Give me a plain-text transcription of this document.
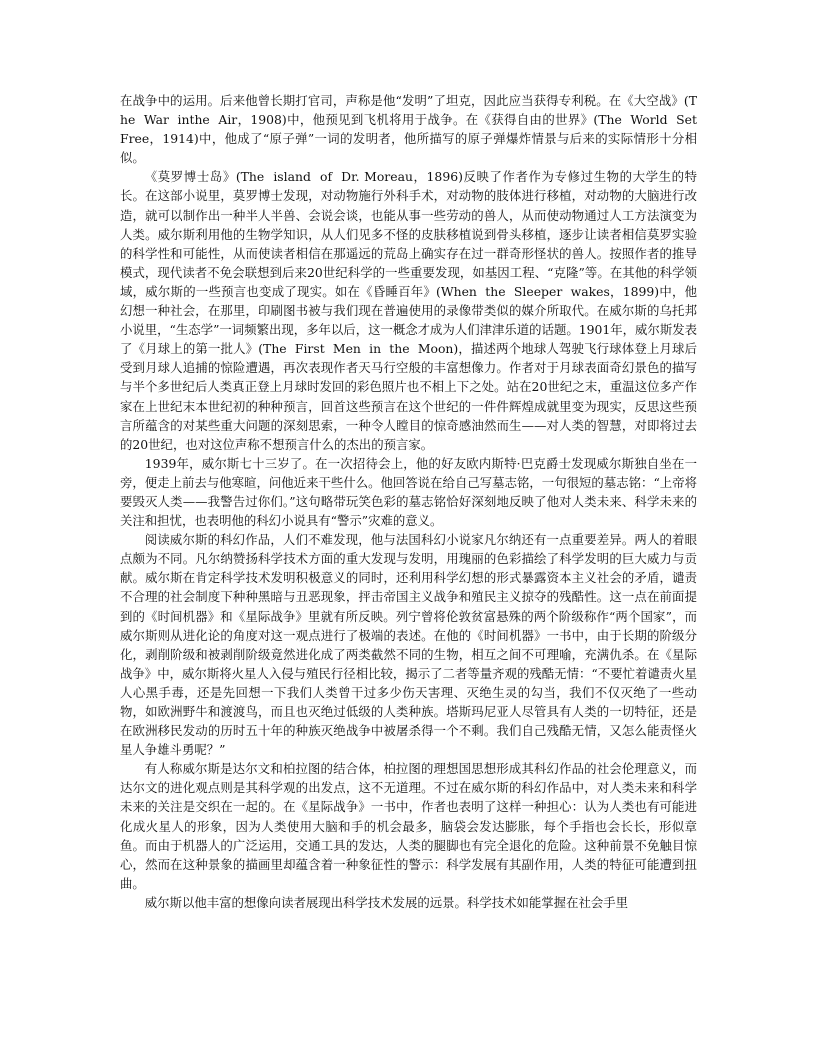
在战争中的运用。后来他曾长期打官司，声称是他“发明”了坦克，因此应当获得专利税。在《大空战》(The  War  inthe  Air，1908)中，他预见到飞机将用于战争。在《获得自由的世界》(The  World  Set  Free，1914)中，他成了“原子弹”一词的发明者，他所描写的原子弹爆炸情景与后来的实际情形十分相似。

《莫罗博士岛》(The  island  of  Dr. Moreau，1896)反映了作者作为专修过生物的大学生的特长。在这部小说里，莫罗博士发现，对动物施行外科手术，对动物的肢体进行移植，对动物的大脑进行改造，就可以制作出一种半人半兽、会说会谈，也能从事一些劳动的兽人，从而使动物通过人工方法演变为人类。威尔斯利用他的生物学知识，从人们见多不怪的皮肤移植说到骨头移植，逐步让读者相信莫罗实验的科学性和可能性，从而使读者相信在那遥远的荒岛上确实存在过一群奇形怪状的兽人。按照作者的推导模式，现代读者不免会联想到后来20世纪科学的一些重要发现，如基因工程、“克隆”等。在其他的科学领域，威尔斯的一些预言也变成了现实。如在《昏睡百年》(When  the  Sleeper  wakes，1899)中，他幻想一种社会，在那里，印刷图书被与我们现在普遍使用的录像带类似的媒介所取代。在威尔斯的乌托邦小说里，“生态学”一词频繁出现，多年以后，这一概念才成为人们津津乐道的话题。1901年，威尔斯发表了《月球上的第一批人》(The  First  Men  in  the  Moon)，描述两个地球人驾驶飞行球体登上月球后受到月球人追捕的惊险遭遇，再次表现作者天马行空般的丰富想像力。作者对于月球表面奇幻景色的描写与半个多世纪后人类真正登上月球时发回的彩色照片也不相上下之处。站在20世纪之末，重温这位多产作家在上世纪末本世纪初的种种预言，回首这些预言在这个世纪的一件件辉煌成就里变为现实，反思这些预言所蕴含的对某些重大问题的深刻思索，一种令人瞠目的惊奇感油然而生——对人类的智慧，对即将过去的20世纪，也对这位声称不想预言什么的杰出的预言家。

1939年，威尔斯七十三岁了。在一次招待会上，他的好友欧内斯特·巴克爵士发现威尔斯独自坐在一旁，便走上前去与他寒暄，问他近来干些什么。他回答说在给自己写墓志铭，一句很短的墓志铭：“上帝将要毁灭人类——我警告过你们。”这句略带玩笑色彩的墓志铭恰好深刻地反映了他对人类未来、科学未来的关注和担忧，也表明他的科幻小说具有“警示”灾难的意义。

阅读威尔斯的科幻作品，人们不难发现，他与法国科幻小说家凡尔纳还有一点重要差异。两人的着眼点颇为不同。凡尔纳赞扬科学技术方面的重大发现与发明，用瑰丽的色彩描绘了科学发明的巨大威力与贡献。威尔斯在肯定科学技术发明积极意义的同时，还利用科学幻想的形式暴露资本主义社会的矛盾，谴责不合理的社会制度下种种黑暗与丑恶现象，抨击帝国主义战争和殖民主义掠夺的残酷性。这一点在前面提到的《时间机器》和《星际战争》里就有所反映。列宁曾将伦敦贫富悬殊的两个阶级称作“两个国家”，而威尔斯则从进化论的角度对这一观点进行了极端的表述。在他的《时间机器》一书中，由于长期的阶级分化，剥削阶级和被剥削阶级竟然进化成了两类截然不同的生物，相互之间不可理喻，充满仇杀。在《星际战争》中，威尔斯将火星人入侵与殖民行径相比较，揭示了二者等量齐观的残酷无情：“不要忙着谴责火星人心黑手毒，还是先回想一下我们人类曾干过多少伤天害理、灭绝生灵的勾当，我们不仅灭绝了一些动物，如欧洲野牛和渡渡鸟，而且也灭绝过低级的人类种族。塔斯玛尼亚人尽管具有人类的一切特征，还是在欧洲移民发动的历时五十年的种族灭绝战争中被屠杀得一个不剩。我们自己残酷无情，又怎么能责怪火星人争雄斗勇呢？”

有人称威尔斯是达尔文和柏拉图的结合体，柏拉图的理想国思想形成其科幻作品的社会伦理意义，而达尔文的进化观点则是其科学观的出发点，这不无道理。不过在威尔斯的科幻作品中，对人类未来和科学未来的关注是交织在一起的。在《星际战争》一书中，作者也表明了这样一种担心：认为人类也有可能进化成火星人的形象，因为人类使用大脑和手的机会最多，脑袋会发达膨胀，每个手指也会长长，形似章鱼。而由于机器人的广泛运用，交通工具的发达，人类的腿脚也有完全退化的危险。这种前景不免触目惊心，然而在这种景象的描画里却蕴含着一种象征性的警示：科学发展有其副作用，人类的特征可能遭到扭曲。

威尔斯以他丰富的想像向读者展现出科学技术发展的远景。科学技术如能掌握在社会手里
